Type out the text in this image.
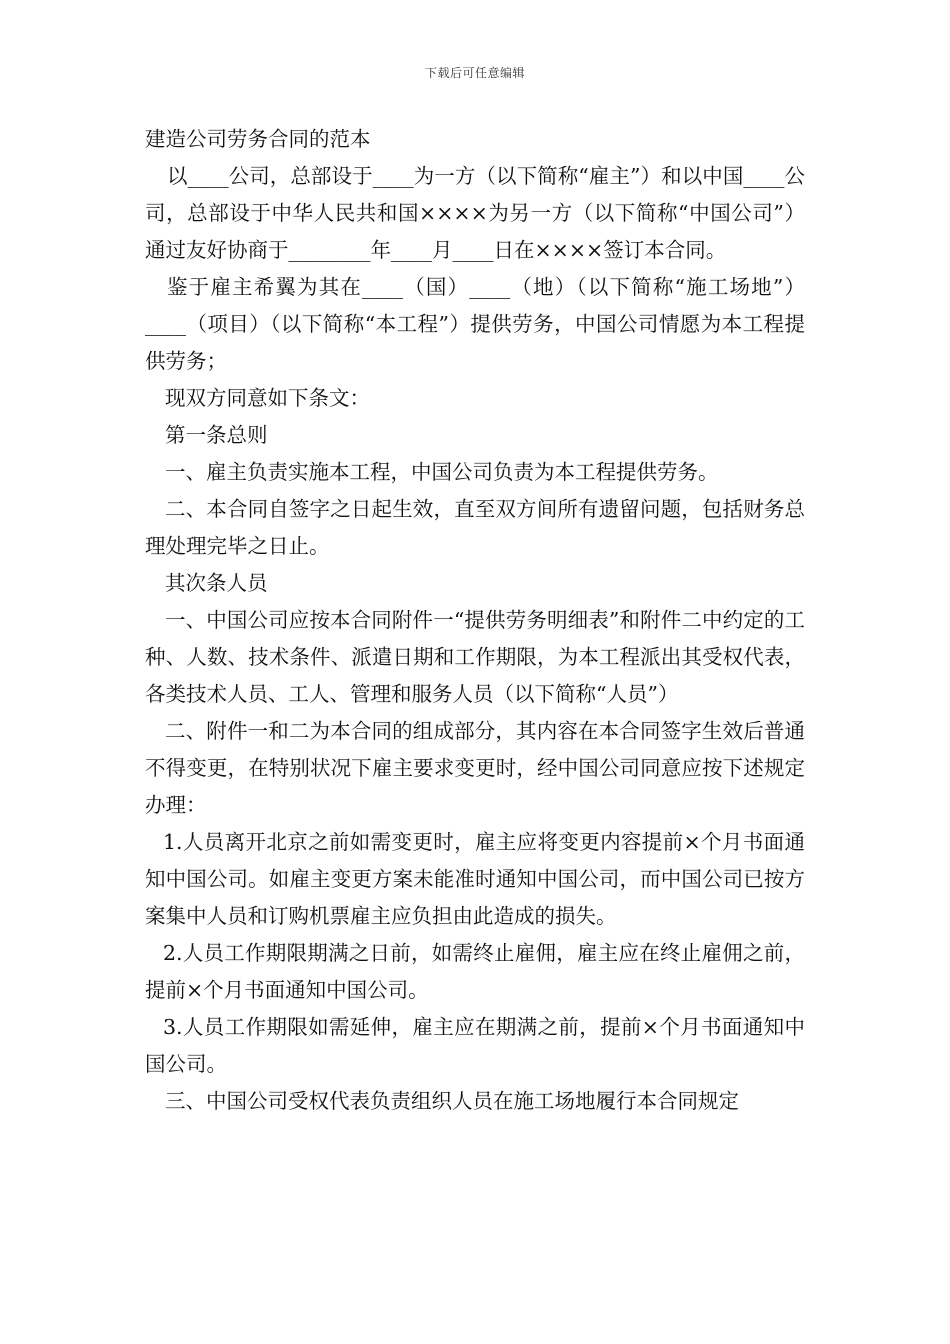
下载后可任意编辑

建造公司劳务合同的范本

以____公司，总部设于____为一方（以下简称“雇主”）和以中国____公司，总部设于中华人民共和国××××为另一方（以下简称“中国公司”）通过友好协商于________年____月____日在××××签订本合同。

鉴于雇主希翼为其在____（国）____（地）（以下简称“施工场地”）____（项目）（以下简称“本工程”）提供劳务，中国公司情愿为本工程提供劳务；

现双方同意如下条文：

第一条总则

一、雇主负责实施本工程，中国公司负责为本工程提供劳务。

二、本合同自签字之日起生效，直至双方间所有遗留问题，包括财务总理处理完毕之日止。

其次条人员

一、中国公司应按本合同附件一“提供劳务明细表”和附件二中约定的工种、人数、技术条件、派遣日期和工作期限，为本工程派出其受权代表，各类技术人员、工人、管理和服务人员（以下简称“人员”）

二、附件一和二为本合同的组成部分，其内容在本合同签字生效后普通不得变更，在特别状况下雇主要求变更时，经中国公司同意应按下述规定办理：

1.人员离开北京之前如需变更时，雇主应将变更内容提前×个月书面通知中国公司。如雇主变更方案未能准时通知中国公司，而中国公司已按方案集中人员和订购机票雇主应负担由此造成的损失。

2.人员工作期限期满之日前，如需终止雇佣，雇主应在终止雇佣之前，提前×个月书面通知中国公司。

3.人员工作期限如需延伸，雇主应在期满之前，提前×个月书面通知中国公司。

三、中国公司受权代表负责组织人员在施工场地履行本合同规定
